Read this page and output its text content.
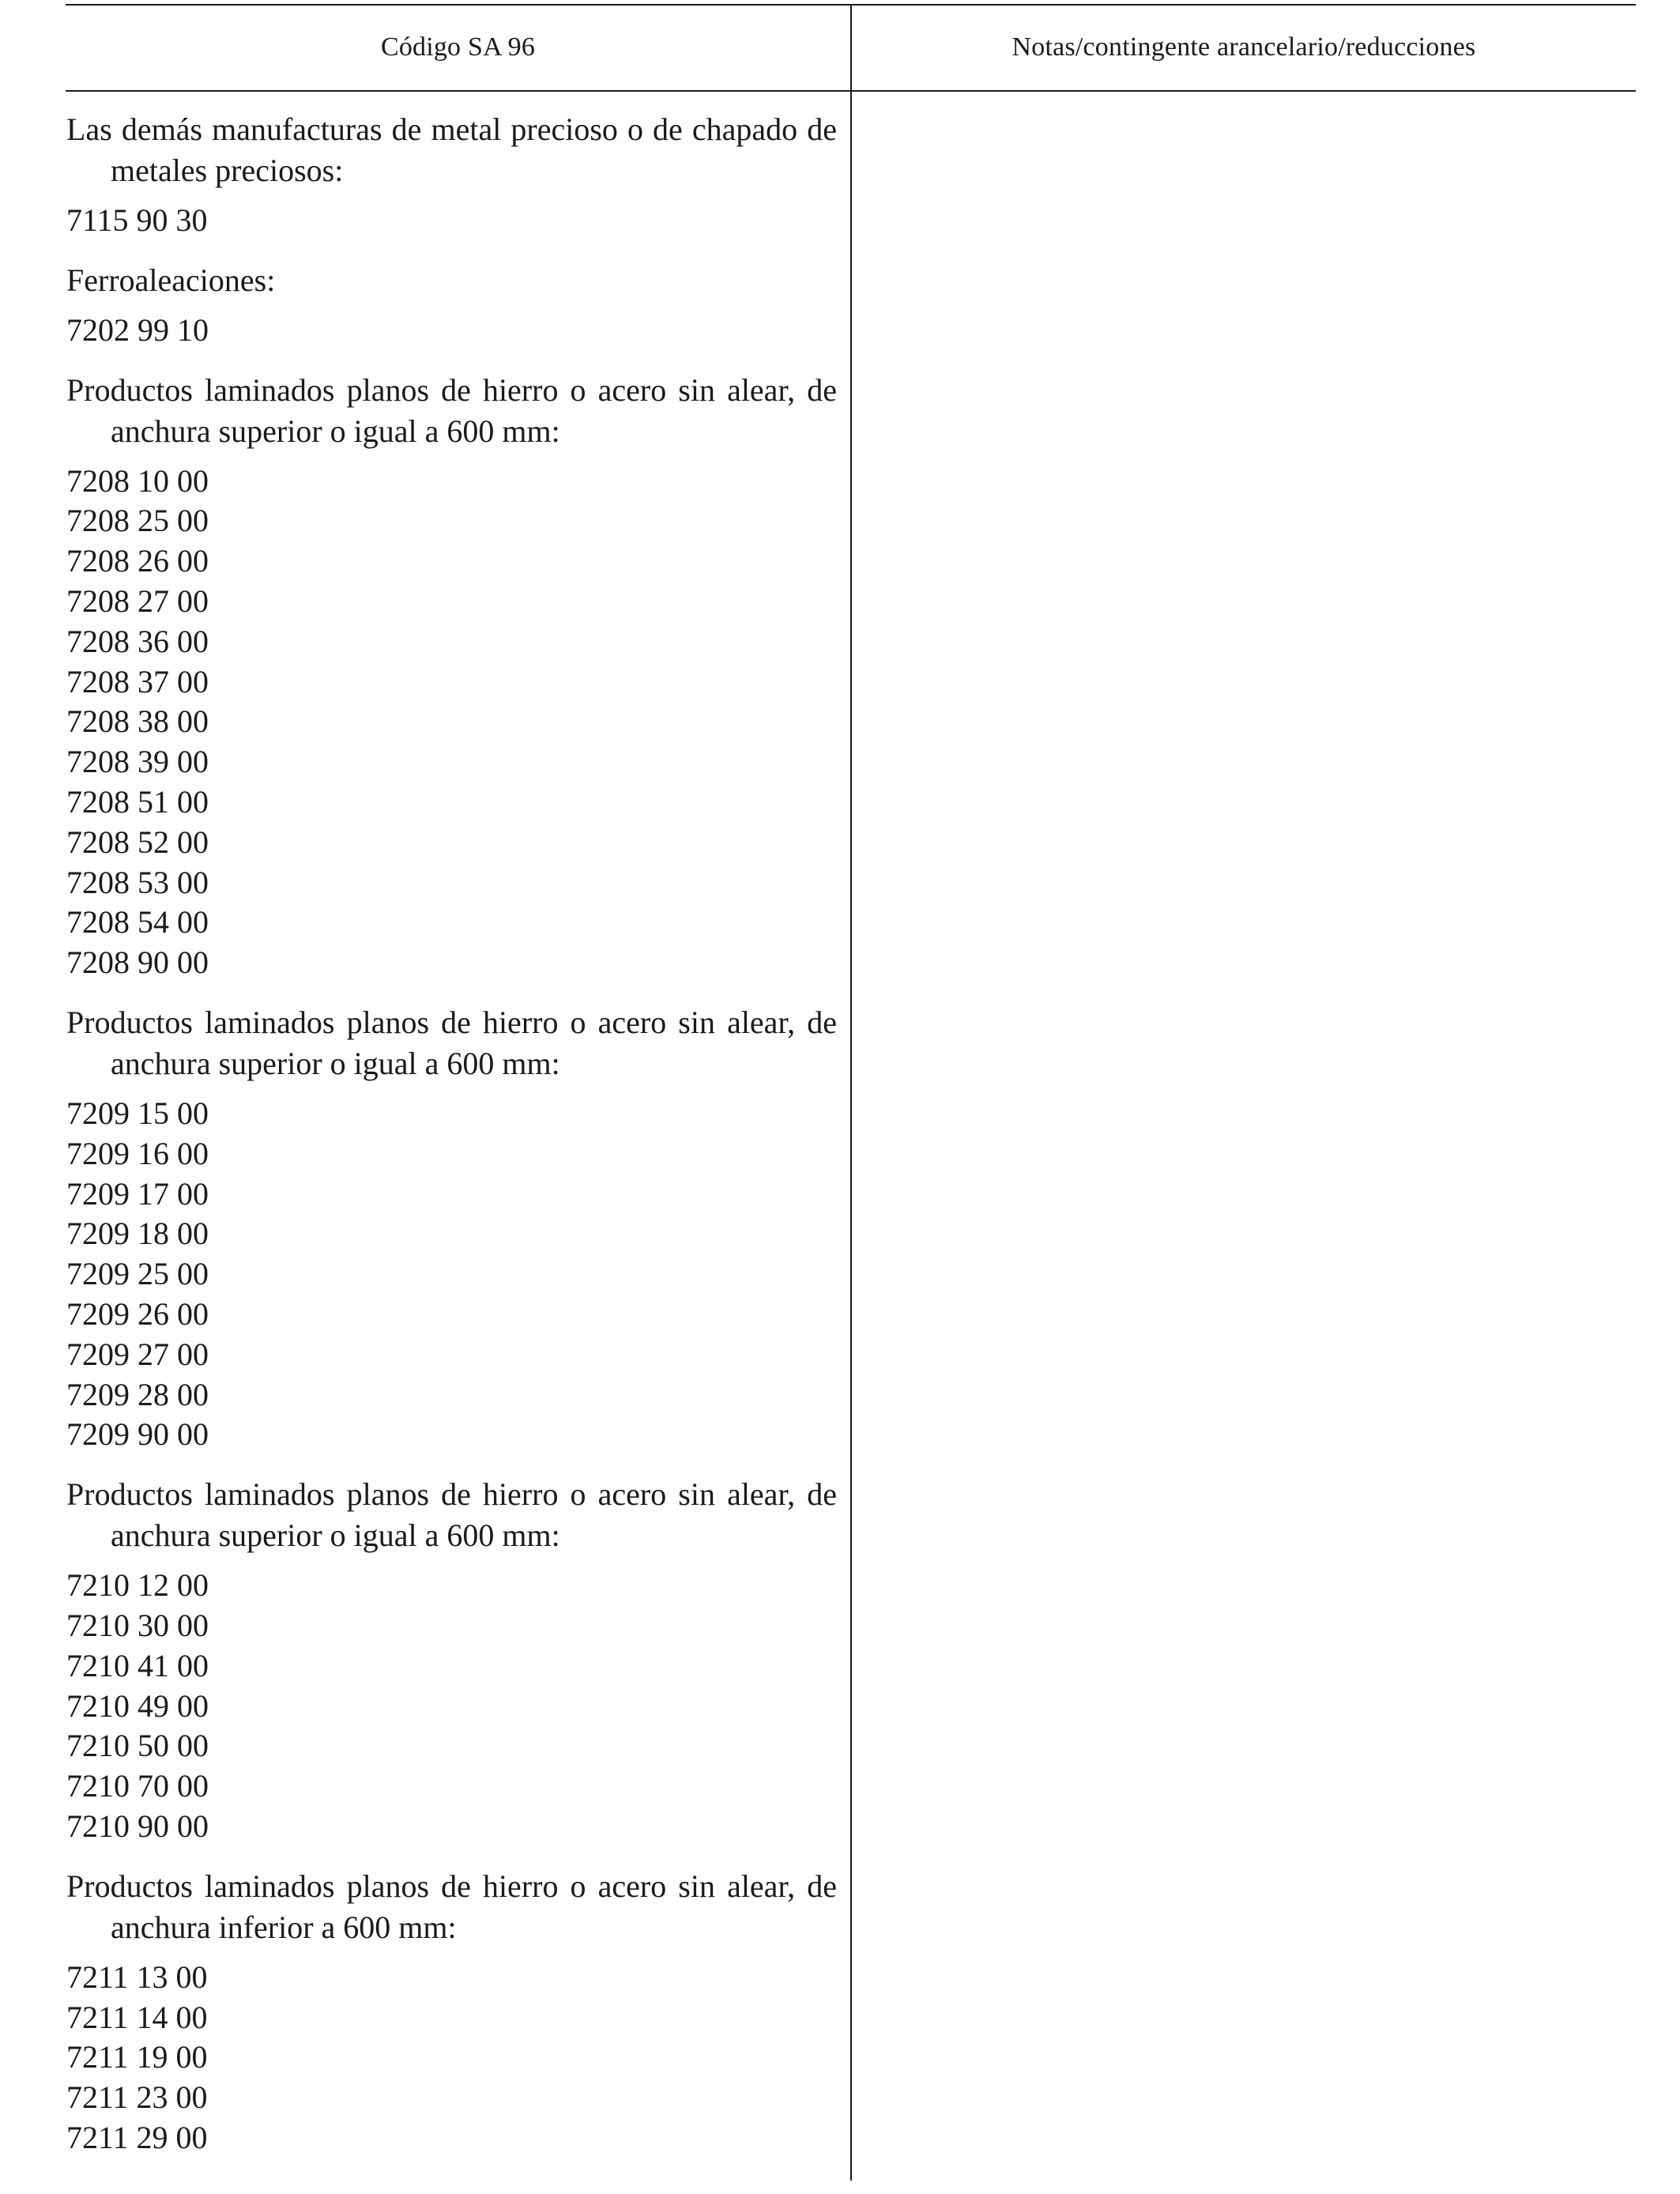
Código SA 96	Notas/contingente arancelario/reducciones
Las demás manufacturas de metal precioso o de chapado de metales preciosos:
7115 90 30
Ferroaleaciones:
7202 99 10
Productos laminados planos de hierro o acero sin alear, de anchura superior o igual a 600 mm:
7208 10 00
7208 25 00
7208 26 00
7208 27 00
7208 36 00
7208 37 00
7208 38 00
7208 39 00
7208 51 00
7208 52 00
7208 53 00
7208 54 00
7208 90 00
Productos laminados planos de hierro o acero sin alear, de anchura superior o igual a 600 mm:
7209 15 00
7209 16 00
7209 17 00
7209 18 00
7209 25 00
7209 26 00
7209 27 00
7209 28 00
7209 90 00
Productos laminados planos de hierro o acero sin alear, de anchura superior o igual a 600 mm:
7210 12 00
7210 30 00
7210 41 00
7210 49 00
7210 50 00
7210 70 00
7210 90 00
Productos laminados planos de hierro o acero sin alear, de anchura inferior a 600 mm:
7211 13 00
7211 14 00
7211 19 00
7211 23 00
7211 29 00
